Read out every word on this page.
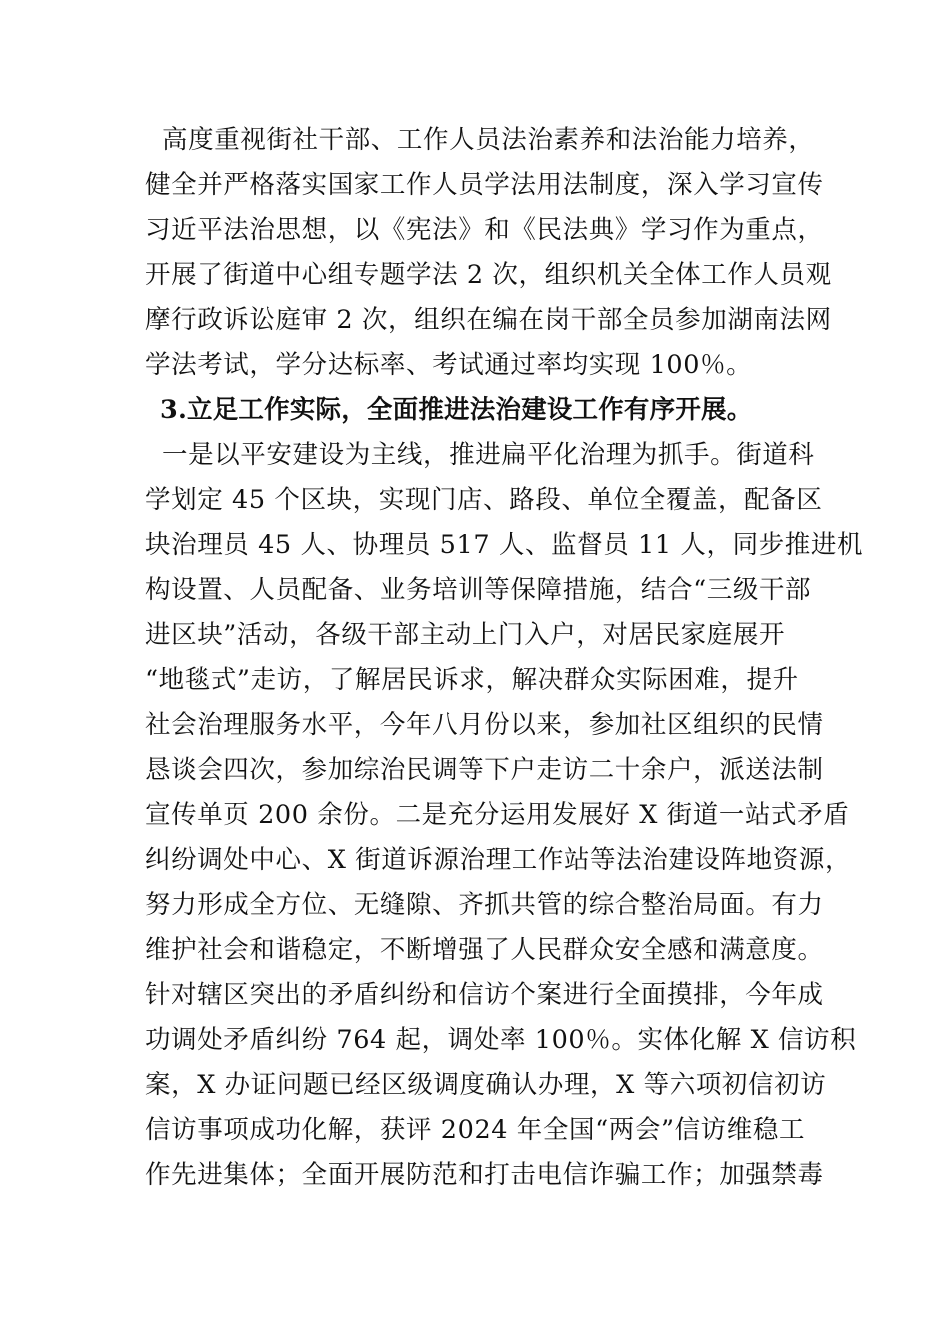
高度重视街社干部、工作人员法治素养和法治能力培养，
健全并严格落实国家工作人员学法用法制度，深入学习宣传
习近平法治思想，以《宪法》和《民法典》学习作为重点，
开展了街道中心组专题学法 2 次，组织机关全体工作人员观
摩行政诉讼庭审 2 次，组织在编在岗干部全员参加湖南法网
学法考试，学分达标率、考试通过率均实现 100％。
3.立足工作实际，全面推进法治建设工作有序开展。
一是以平安建设为主线，推进扁平化治理为抓手。街道科
学划定 45 个区块，实现门店、路段、单位全覆盖，配备区
块治理员 45 人、协理员 517 人、监督员 11 人，同步推进机
构设置、人员配备、业务培训等保障措施，结合“三级干部
进区块”活动，各级干部主动上门入户，对居民家庭展开
“地毯式”走访，了解居民诉求，解决群众实际困难，提升
社会治理服务水平，今年八月份以来，参加社区组织的民情
恳谈会四次，参加综治民调等下户走访二十余户，派送法制
宣传单页 200 余份。二是充分运用发展好 X 街道一站式矛盾
纠纷调处中心、X 街道诉源治理工作站等法治建设阵地资源，
努力形成全方位、无缝隙、齐抓共管的综合整治局面。有力
维护社会和谐稳定，不断增强了人民群众安全感和满意度。
针对辖区突出的矛盾纠纷和信访个案进行全面摸排，今年成
功调处矛盾纠纷 764 起，调处率 100％。实体化解 X 信访积
案，X 办证问题已经区级调度确认办理，X 等六项初信初访
信访事项成功化解，获评 2024 年全国“两会”信访维稳工
作先进集体；全面开展防范和打击电信诈骗工作；加强禁毒
